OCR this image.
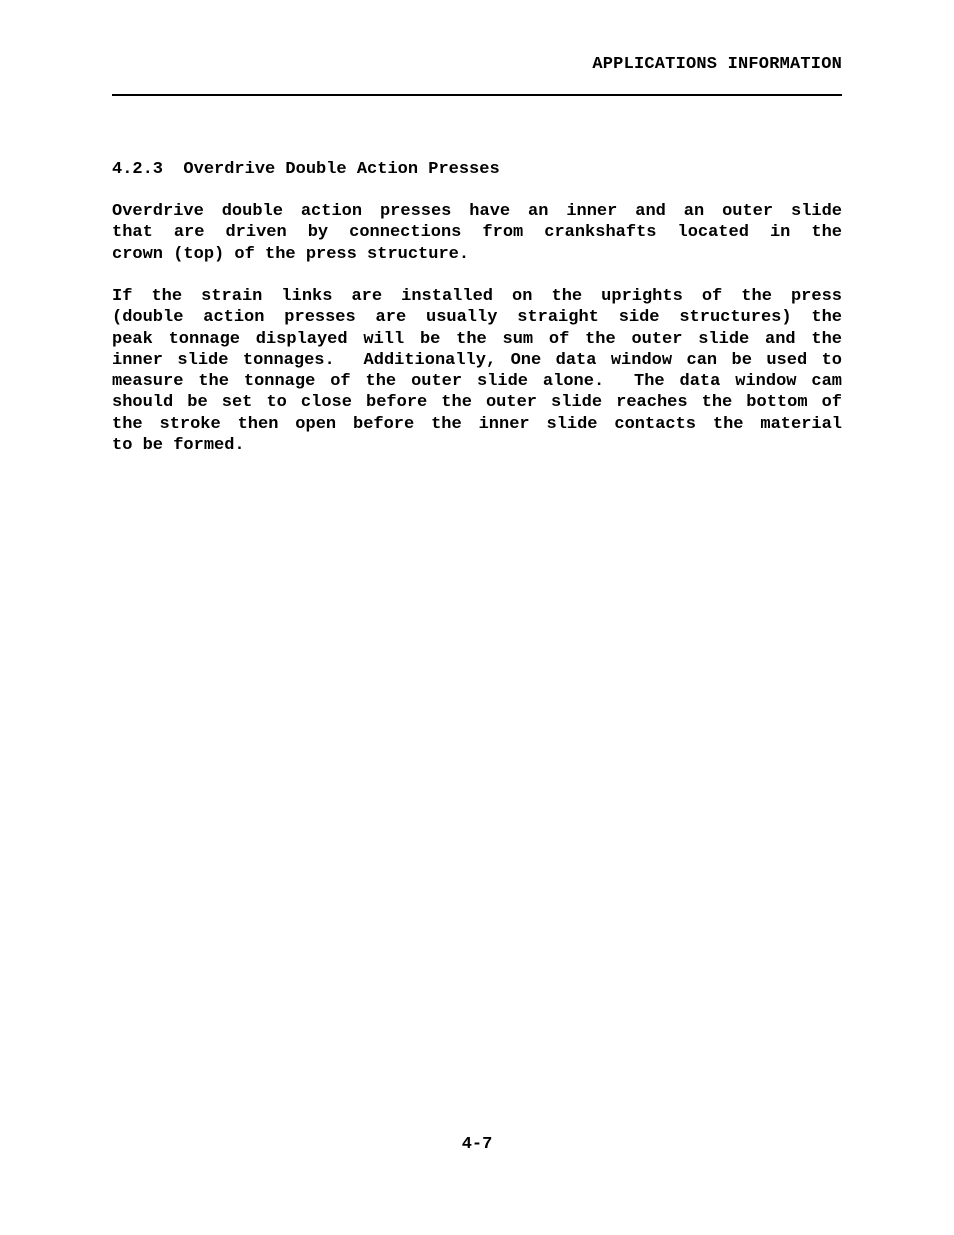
APPLICATIONS INFORMATION
4.2.3  Overdrive Double Action Presses

Overdrive double action presses have an inner and an outer slide
that are driven by connections from crankshafts located in the
crown (top) of the press structure.

If the strain links are installed on the uprights of the press
(double action presses are usually straight side structures) the
peak tonnage displayed will be the sum of the outer slide and the
inner slide tonnages.  Additionally, One data window can be used to
measure the tonnage of the outer slide alone.  The data window cam
should be set to close before the outer slide reaches the bottom of
the stroke then open before the inner slide contacts the material
to be formed.

4-7
